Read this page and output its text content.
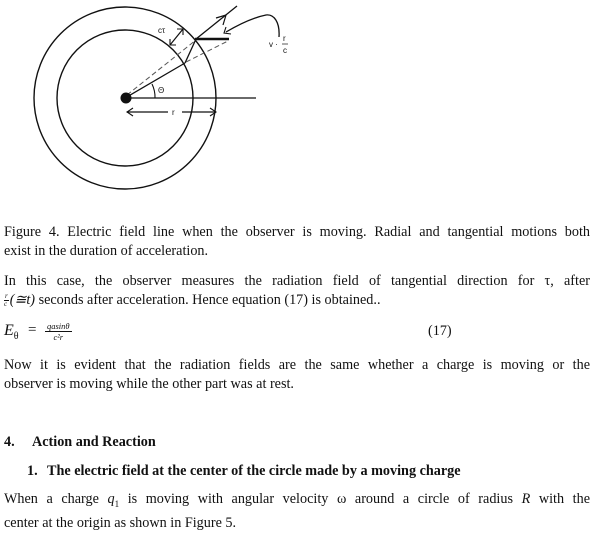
cτ
Θ
r
v ·
r
c
Figure 4. Electric field line when the observer is moving. Radial and tangential motions both
exist in the duration of acceleration.
In this case, the observer measures the radiation field of tangential direction for τ, after
$\frac{r}{c}$ (≅t) seconds after acceleration. Hence equation (17) is obtained..
$E_\theta = \frac{qasin\theta}{\text{c²r}}$	(17)
Now it is evident that the radiation fields are the same whether a charge is moving or the
observer is moving while the other part was at rest.
4. Action and Reaction
1. The electric field at the center of the circle made by a moving charge
When a charge $q_1$ is moving with angular velocity ω around a circle of radius R with the
center at the origin as shown in Figure 5.
